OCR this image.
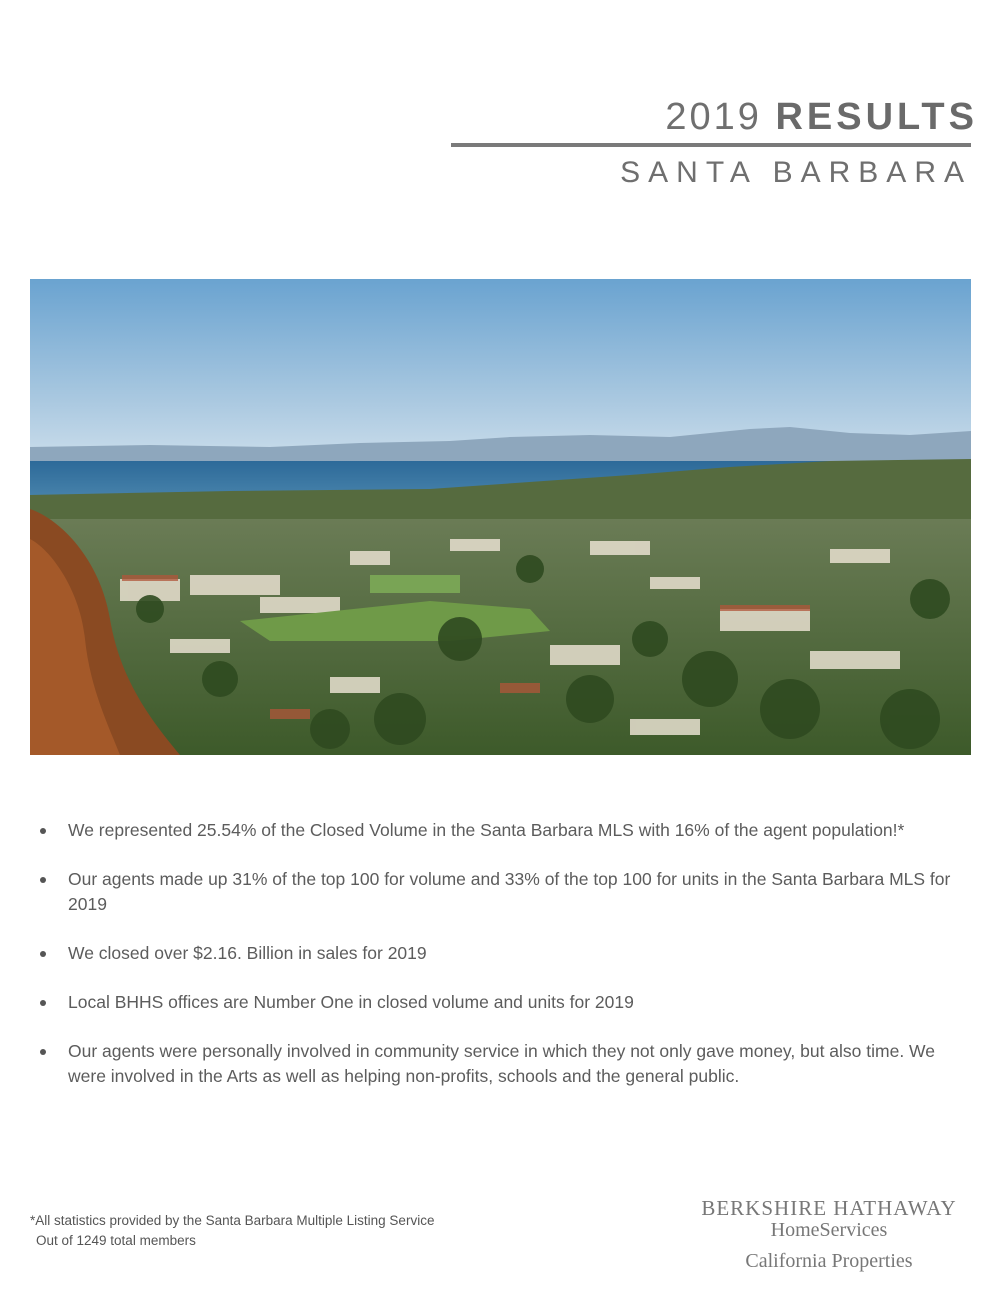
2019 RESULTS
SANTA BARBARA
We represented 25.54% of the Closed Volume in the Santa Barbara MLS with 16% of the agent population!*
Our agents made up 31% of the top 100 for volume and 33% of the top 100 for units in the Santa Barbara MLS for 2019
We closed over $2.16. Billion in sales for 2019
Local BHHS offices are Number One in closed volume and units for 2019
Our agents were personally involved in community service in which they not only gave money, but also time. We were involved in the Arts as well as helping non-profits, schools and the general public.
*All statistics provided by the Santa Barbara Multiple Listing Service
Out of 1249 total members
BERKSHIRE HATHAWAY
HomeServices
California Properties
